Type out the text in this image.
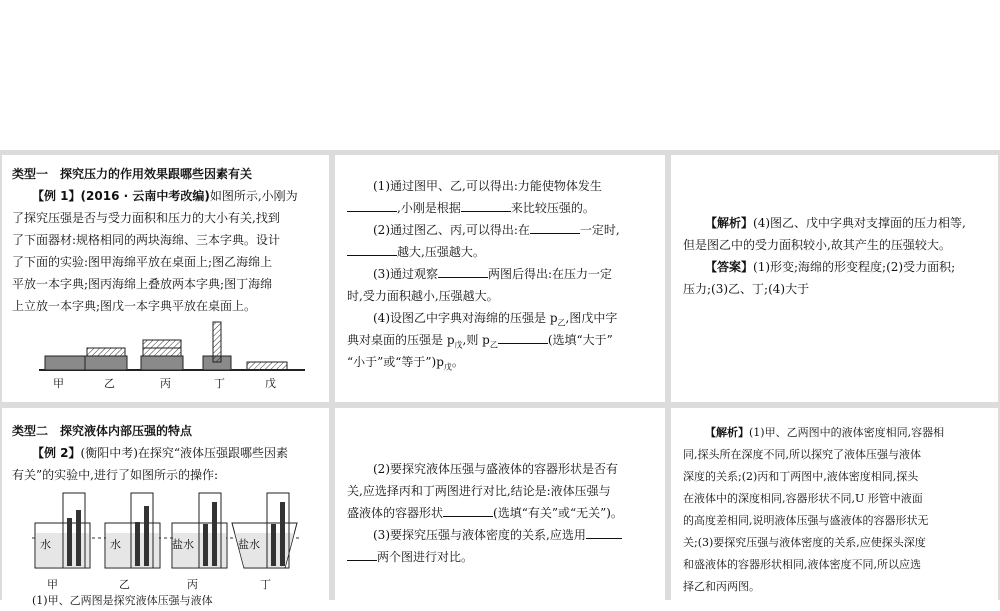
类型一　探究压力的作用效果跟哪些因素有关
【例 1】(2016 · 云南中考改编)如图所示,小刚为
了探究压强是否与受力面积和压力的大小有关,找到
了下面器材:规格相同的两块海绵、三本字典。设计
了下面的实验:图甲海绵平放在桌面上;图乙海绵上
平放一本字典;图丙海绵上叠放两本字典;图丁海绵
上立放一本字典;图戊一本字典平放在桌面上。
甲	乙	丙	丁	戊
(1)通过图甲、乙,可以得出:力能使物体发生
,小刚是根据	来比较压强的。
(2)通过图乙、丙,可以得出:在	一定时,
越大,压强越大。
(3)通过观察	两图后得出:在压力一定
时,受力面积越小,压强越大。
(4)设图乙中字典对海绵的压强是 $p_乙$,图戊中字
典对桌面的压强是 $p_戊$,则 $p_乙$	(选填“大于”
“小于”或“等于$”)p_戊$。
【解析】(4)图乙、戊中字典对支撑面的压力相等,
但是图乙中的受力面积较小,故其产生的压强较大。
【答案】(1)形变;海绵的形变程度;(2)受力面积;
压力;(3)乙、丁;(4)大于
类型二　探究液体内部压强的特点
【例 2】(衡阳中考)在探究“液体压强跟哪些因素
有关”的实验中,进行了如图所示的操作:
水	水	盐水	盐水
甲	乙	丙	丁
(1)甲、乙两图是探究液体压强与液体
(2)要探究液体压强与盛液体的容器形状是否有
关,应选择丙和丁两图进行对比,结论是:液体压强与
盛液体的容器形状	(选填“有关”或“无关”)。
(3)要探究压强与液体密度的关系,应选用
两个图进行对比。
【解析】(1)甲、乙两图中的液体密度相同,容器相
同,探头所在深度不同,所以探究了液体压强与液体
深度的关系;(2)丙和丁两图中,液体密度相同,探头
在液体中的深度相同,容器形状不同,U 形管中液面
的高度差相同,说明液体压强与盛液体的容器形状无
关;(3)要探究压强与液体密度的关系,应使探头深度
和盛液体的容器形状相同,液体密度不同,所以应选
择乙和丙两图。
